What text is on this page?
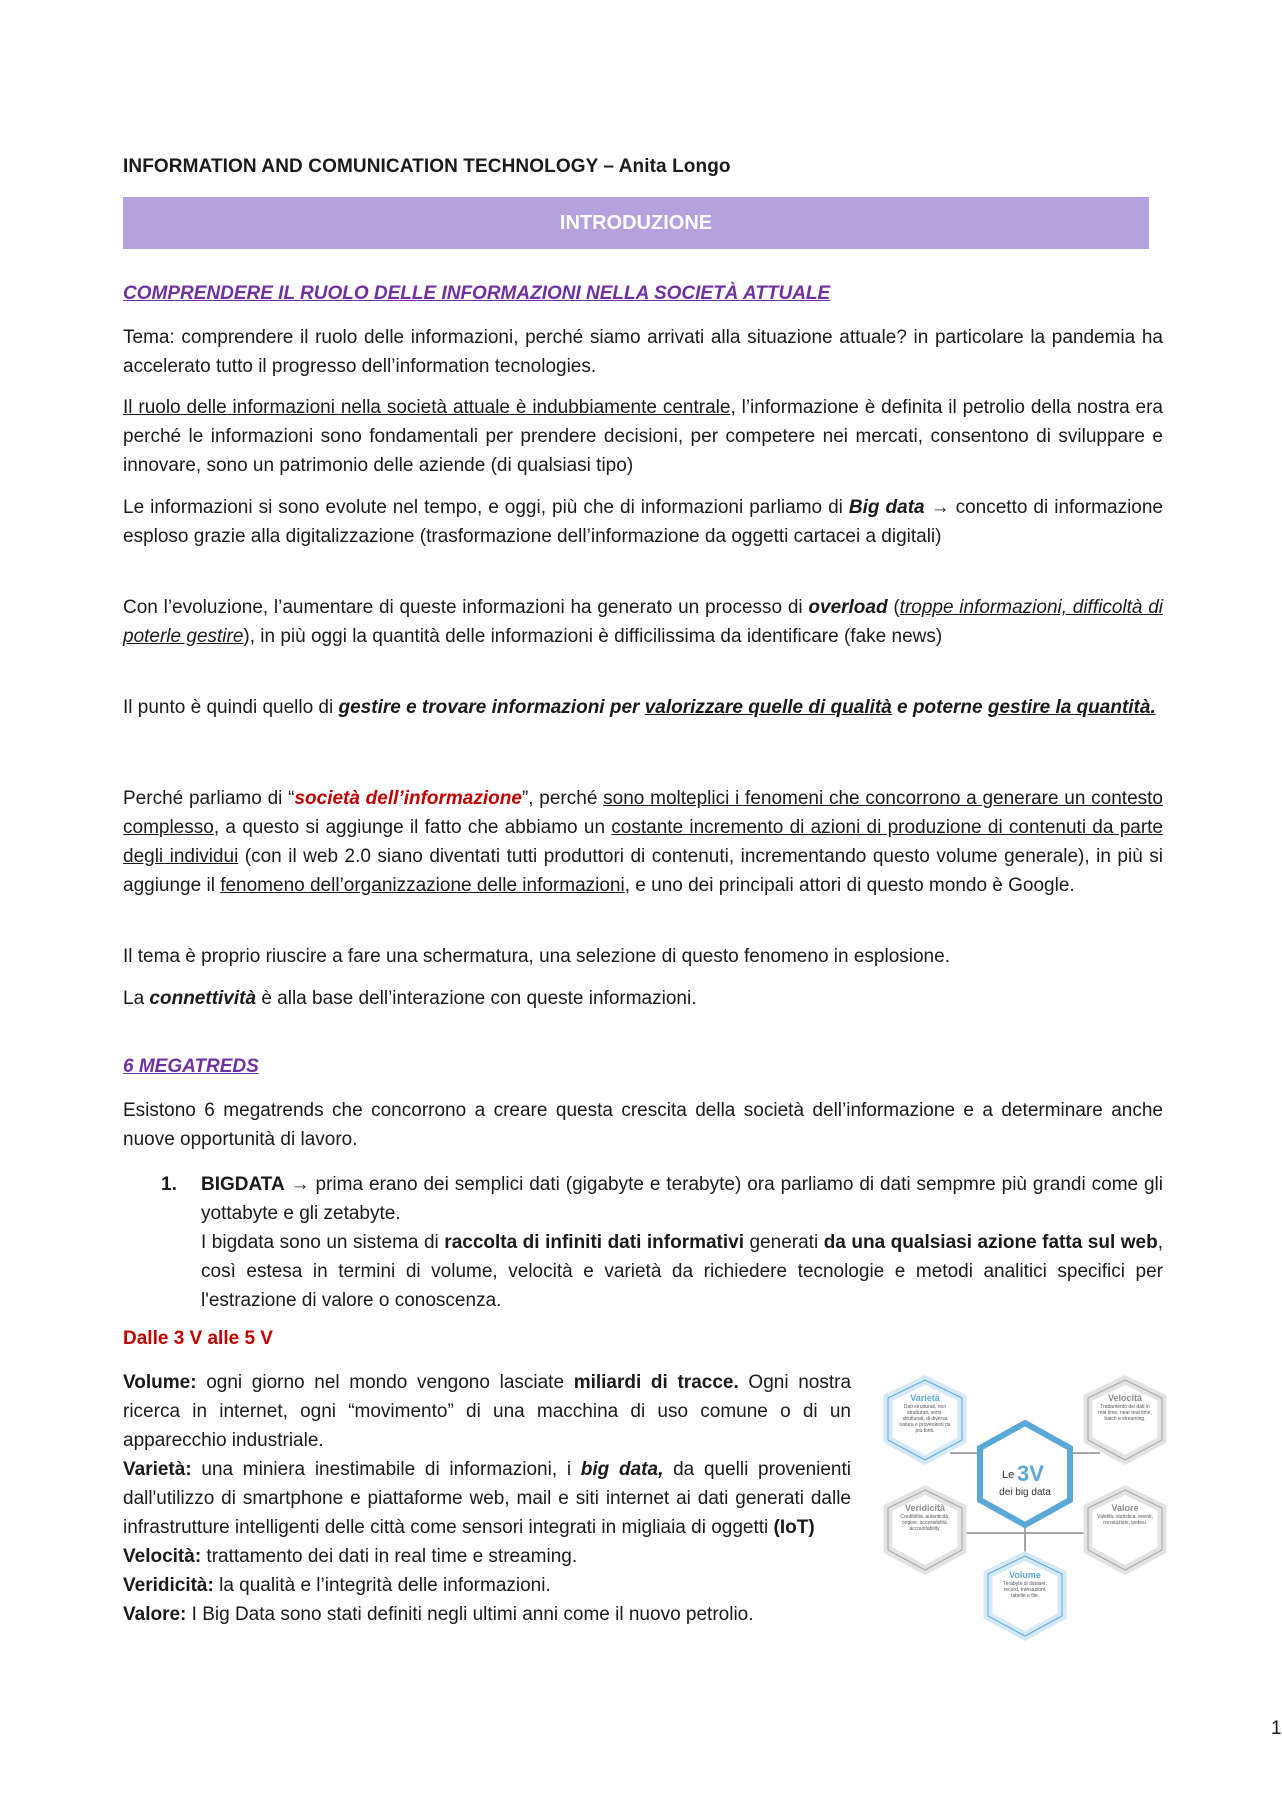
INFORMATION AND COMUNICATION TECHNOLOGY – Anita Longo
INTRODUZIONE
COMPRENDERE IL RUOLO DELLE INFORMAZIONI NELLA SOCIETÀ ATTUALE
Tema: comprendere il ruolo delle informazioni, perché siamo arrivati alla situazione attuale? in particolare la pandemia ha accelerato tutto il progresso dell’information tecnologies.
Il ruolo delle informazioni nella società attuale è indubbiamente centrale, l’informazione è definita il petrolio della nostra era perché le informazioni sono fondamentali per prendere decisioni, per competere nei mercati, consentono di sviluppare e innovare, sono un patrimonio delle aziende (di qualsiasi tipo)
Le informazioni si sono evolute nel tempo, e oggi, più che di informazioni parliamo di Big data → concetto di informazione esploso grazie alla digitalizzazione (trasformazione dell’informazione da oggetti cartacei a digitali)
Con l’evoluzione, l’aumentare di queste informazioni ha generato un processo di overload (troppe informazioni, difficoltà di poterle gestire), in più oggi la quantità delle informazioni è difficilissima da identificare (fake news)
Il punto è quindi quello di gestire e trovare informazioni per valorizzare quelle di qualità e poterne gestire la quantità.
Perché parliamo di “società dell’informazione”, perché sono molteplici i fenomeni che concorrono a generare un contesto complesso, a questo si aggiunge il fatto che abbiamo un costante incremento di azioni di produzione di contenuti da parte degli individui (con il web 2.0 siano diventati tutti produttori di contenuti, incrementando questo volume generale), in più si aggiunge il fenomeno dell’organizzazione delle informazioni, e uno dei principali attori di questo mondo è Google.
Il tema è proprio riuscire a fare una schermatura, una selezione di questo fenomeno in esplosione.
La connettività è alla base dell’interazione con queste informazioni.
6 MEGATREDS
Esistono 6 megatrends che concorrono a creare questa crescita della società dell’informazione e a determinare anche nuove opportunità di lavoro.
1. BIGDATA → prima erano dei semplici dati (gigabyte e terabyte) ora parliamo di dati sempmre più grandi come gli yottabyte e gli zetabyte.
I bigdata sono un sistema di raccolta di infiniti dati informativi generati da una qualsiasi azione fatta sul web, così estesa in termini di volume, velocità e varietà da richiedere tecnologie e metodi analitici specifici per l'estrazione di valore o conoscenza.
Dalle 3 V alle 5 V

Volume: ogni giorno nel mondo vengono lasciate miliardi di tracce. Ogni nostra ricerca in internet, ogni “movimento” di una macchina di uso comune o di un apparecchio industriale.

Varietà: una miniera inestimabile di informazioni, i big data, da quelli provenienti dall'utilizzo di smartphone e piattaforme web, mail e siti internet ai dati generati dalle infrastrutture intelligenti delle città come sensori integrati in migliaia di oggetti (IoT)

Velocità: trattamento dei dati in real time e streaming.

Veridicità: la qualità e l’integrità delle informazioni.

Valore: I Big Data sono stati definiti negli ultimi anni come il nuovo petrolio.

Varietà
Dati strutturati, non strutturati, semi-strutturati, di diversa natura e provenienti da più fonti.
Velocità
Trattamento dei dati in real time, near real time, batch e streaming.
Le 3V
dei big data
Veridicità
Credibilità, autenticità, origine, accessibilità, accountability.
Valore
Validità, statistica, eventi, correlazioni, ipotesi.
Volume
Terabyte di dataset, record, transazioni, tabelle e file.
1
